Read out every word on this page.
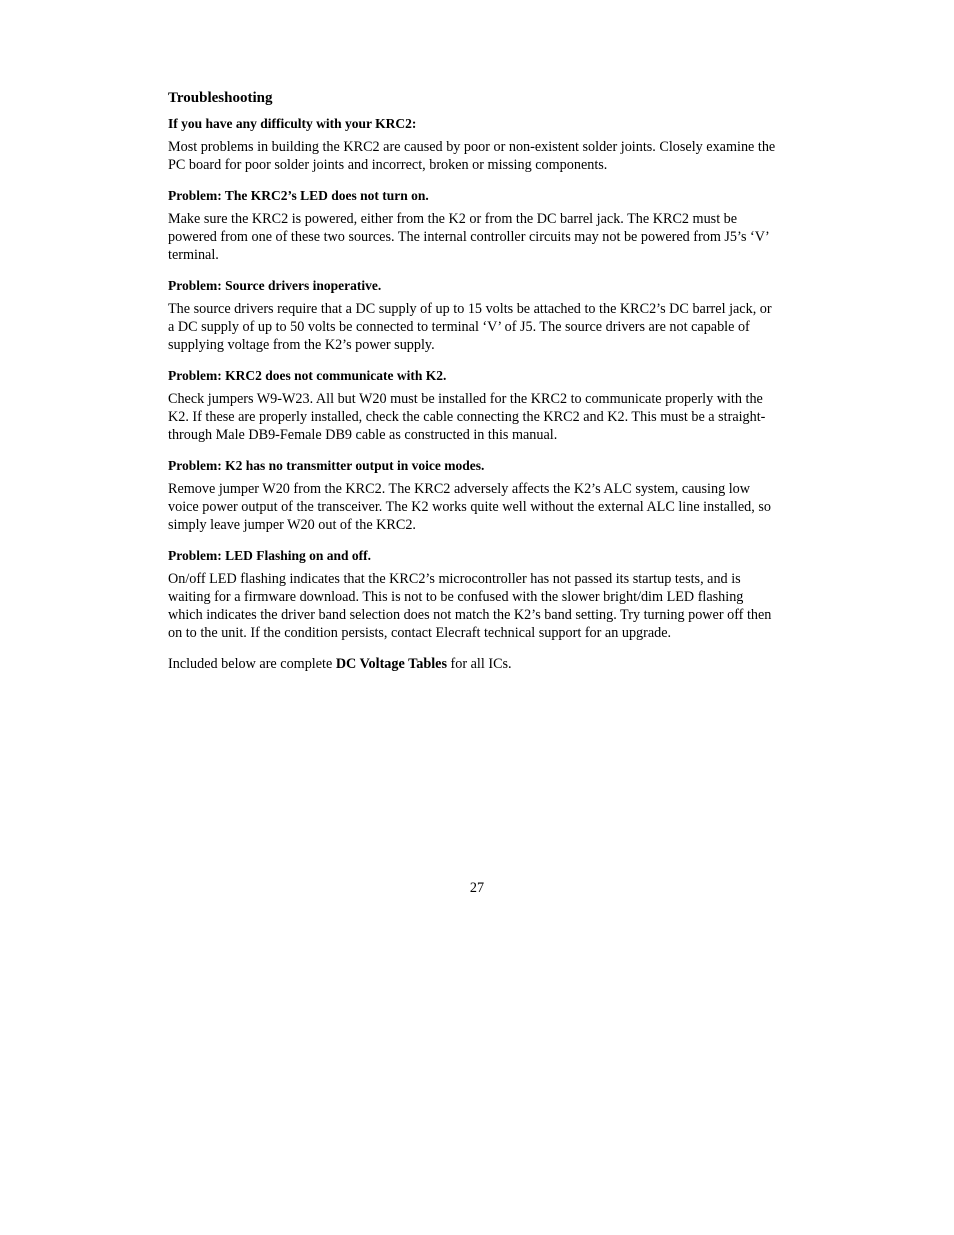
Troubleshooting
If you have any difficulty with your KRC2:
Most problems in building the KRC2 are caused by poor or non-existent solder joints. Closely examine the PC board for poor solder joints and incorrect, broken or missing components.
Problem: The KRC2’s LED does not turn on.
Make sure the KRC2 is powered, either from the K2 or from the DC barrel jack. The KRC2 must be powered from one of these two sources. The internal controller circuits may not be powered from J5’s ‘V’ terminal.
Problem: Source drivers inoperative.
The source drivers require that a DC supply of up to 15 volts be attached to the KRC2’s DC barrel jack, or a DC supply of up to 50 volts be connected to terminal ‘V’ of J5. The source drivers are not capable of supplying voltage from the K2’s power supply.
Problem: KRC2 does not communicate with K2.
Check jumpers W9-W23. All but W20 must be installed for the KRC2 to communicate properly with the K2. If these are properly installed, check the cable connecting the KRC2 and K2. This must be a straight-through Male DB9-Female DB9 cable as constructed in this manual.
Problem: K2 has no transmitter output in voice modes.
Remove jumper W20 from the KRC2. The KRC2 adversely affects the K2’s ALC system, causing low voice power output of the transceiver. The K2 works quite well without the external ALC line installed, so simply leave jumper W20 out of the KRC2.
Problem: LED Flashing on and off.
On/off LED flashing indicates that the KRC2’s microcontroller has not passed its startup tests, and is waiting for a firmware download. This is not to be confused with the slower bright/dim LED flashing which indicates the driver band selection does not match the K2’s band setting. Try turning power off then on to the unit. If the condition persists, contact Elecraft technical support for an upgrade.
Included below are complete DC Voltage Tables for all ICs.
27
